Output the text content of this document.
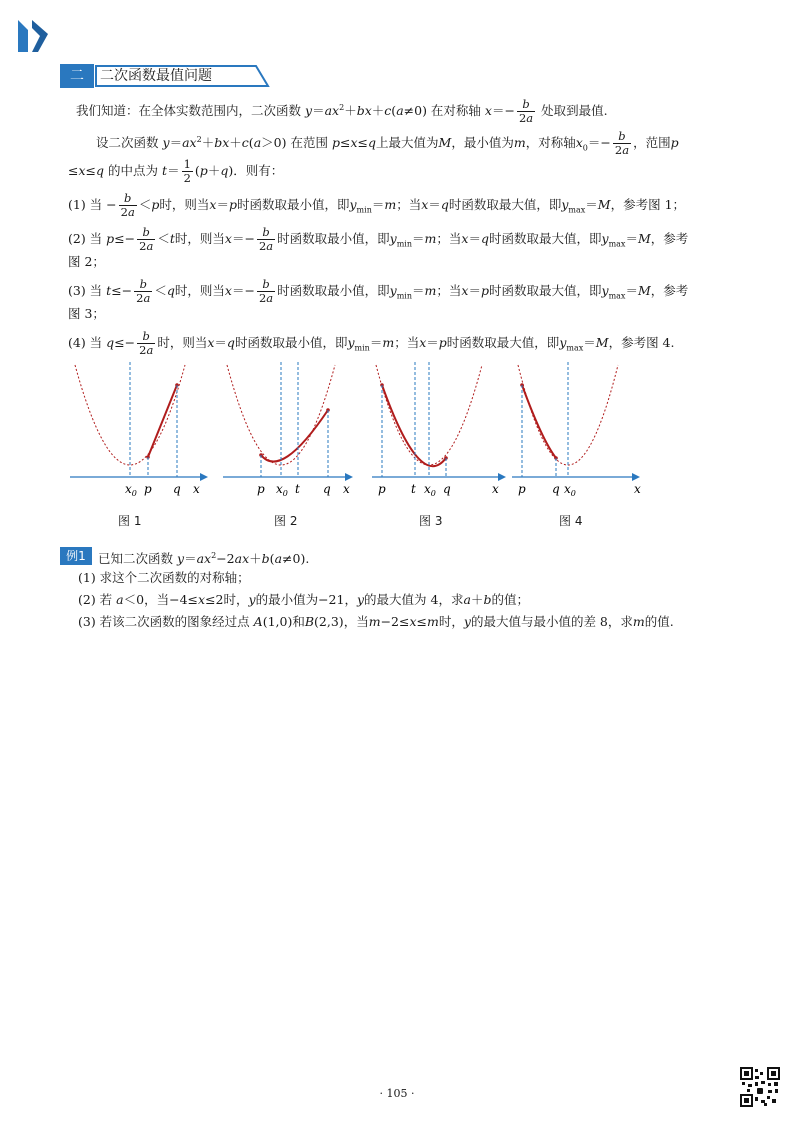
二	二次函数最值问题
我们知道：在全体实数范围内，二次函数 $y=ax^2+bx+c(a\ne 0)$ 在对称轴 $x=- \frac{b}{2a}$ 处取到最值.
设二次函数 $y=ax^2+bx+c(a>0)$ 在范围 p≤x≤q上最大值为M，最小值为m，对称轴$x_0=- \frac{b}{2a}$ ，范围p
≤x≤q 的中点为 $t= \frac{1}{2} (p+q)$．则有：
(1) 当 − $\frac{b}{2a} <p$时，则当x＝p时函数取最小值，即$y_{min}=m$；当x＝q时函数取最大值，即$y_{max}=M$，参考图 1；
(2) 当 $p\le- \frac{b}{2a} <t$时，则当$x=- \frac{b}{2a}$ 时函数取最小值，即$y_{min}=m$；当x＝q时函数取最大值，即$y_{max}=M$，参考
图 2；
(3) 当 $t\le- \frac{b}{2a} <q$时，则当$x=- \frac{b}{2a}$ 时函数取最小值，即$y_{min}=m$；当x＝p时函数取最大值，即$y_{max}=M$，参考
图 3；
(4) 当 $q\le- \frac{b}{2a}$ 时，则当x＝q时函数取最小值，即$y_{min}=m$；当x＝p时函数取最大值，即$y_{max}=M$，参考图 4.
$x_0$ p q x	p $x_0$ t q x p t $x_0$ q	x p q $x_0$	x
图 1	图 2	图 3	图 4
例1 已知二次函数 $y=ax^2-2ax+b(a\ne 0)$.
(1) 求这个二次函数的对称轴；
(2) 若 a＜0，当−4≤x≤2时，y的最小值为−21，y的最大值为 4，求a＋b的值；
(3) 若该二次函数的图象经过点 A(1,0)和B(2,3)，当m−2≤x≤m时，y的最大值与最小值的差 8，求m的值.
· 105 ·
